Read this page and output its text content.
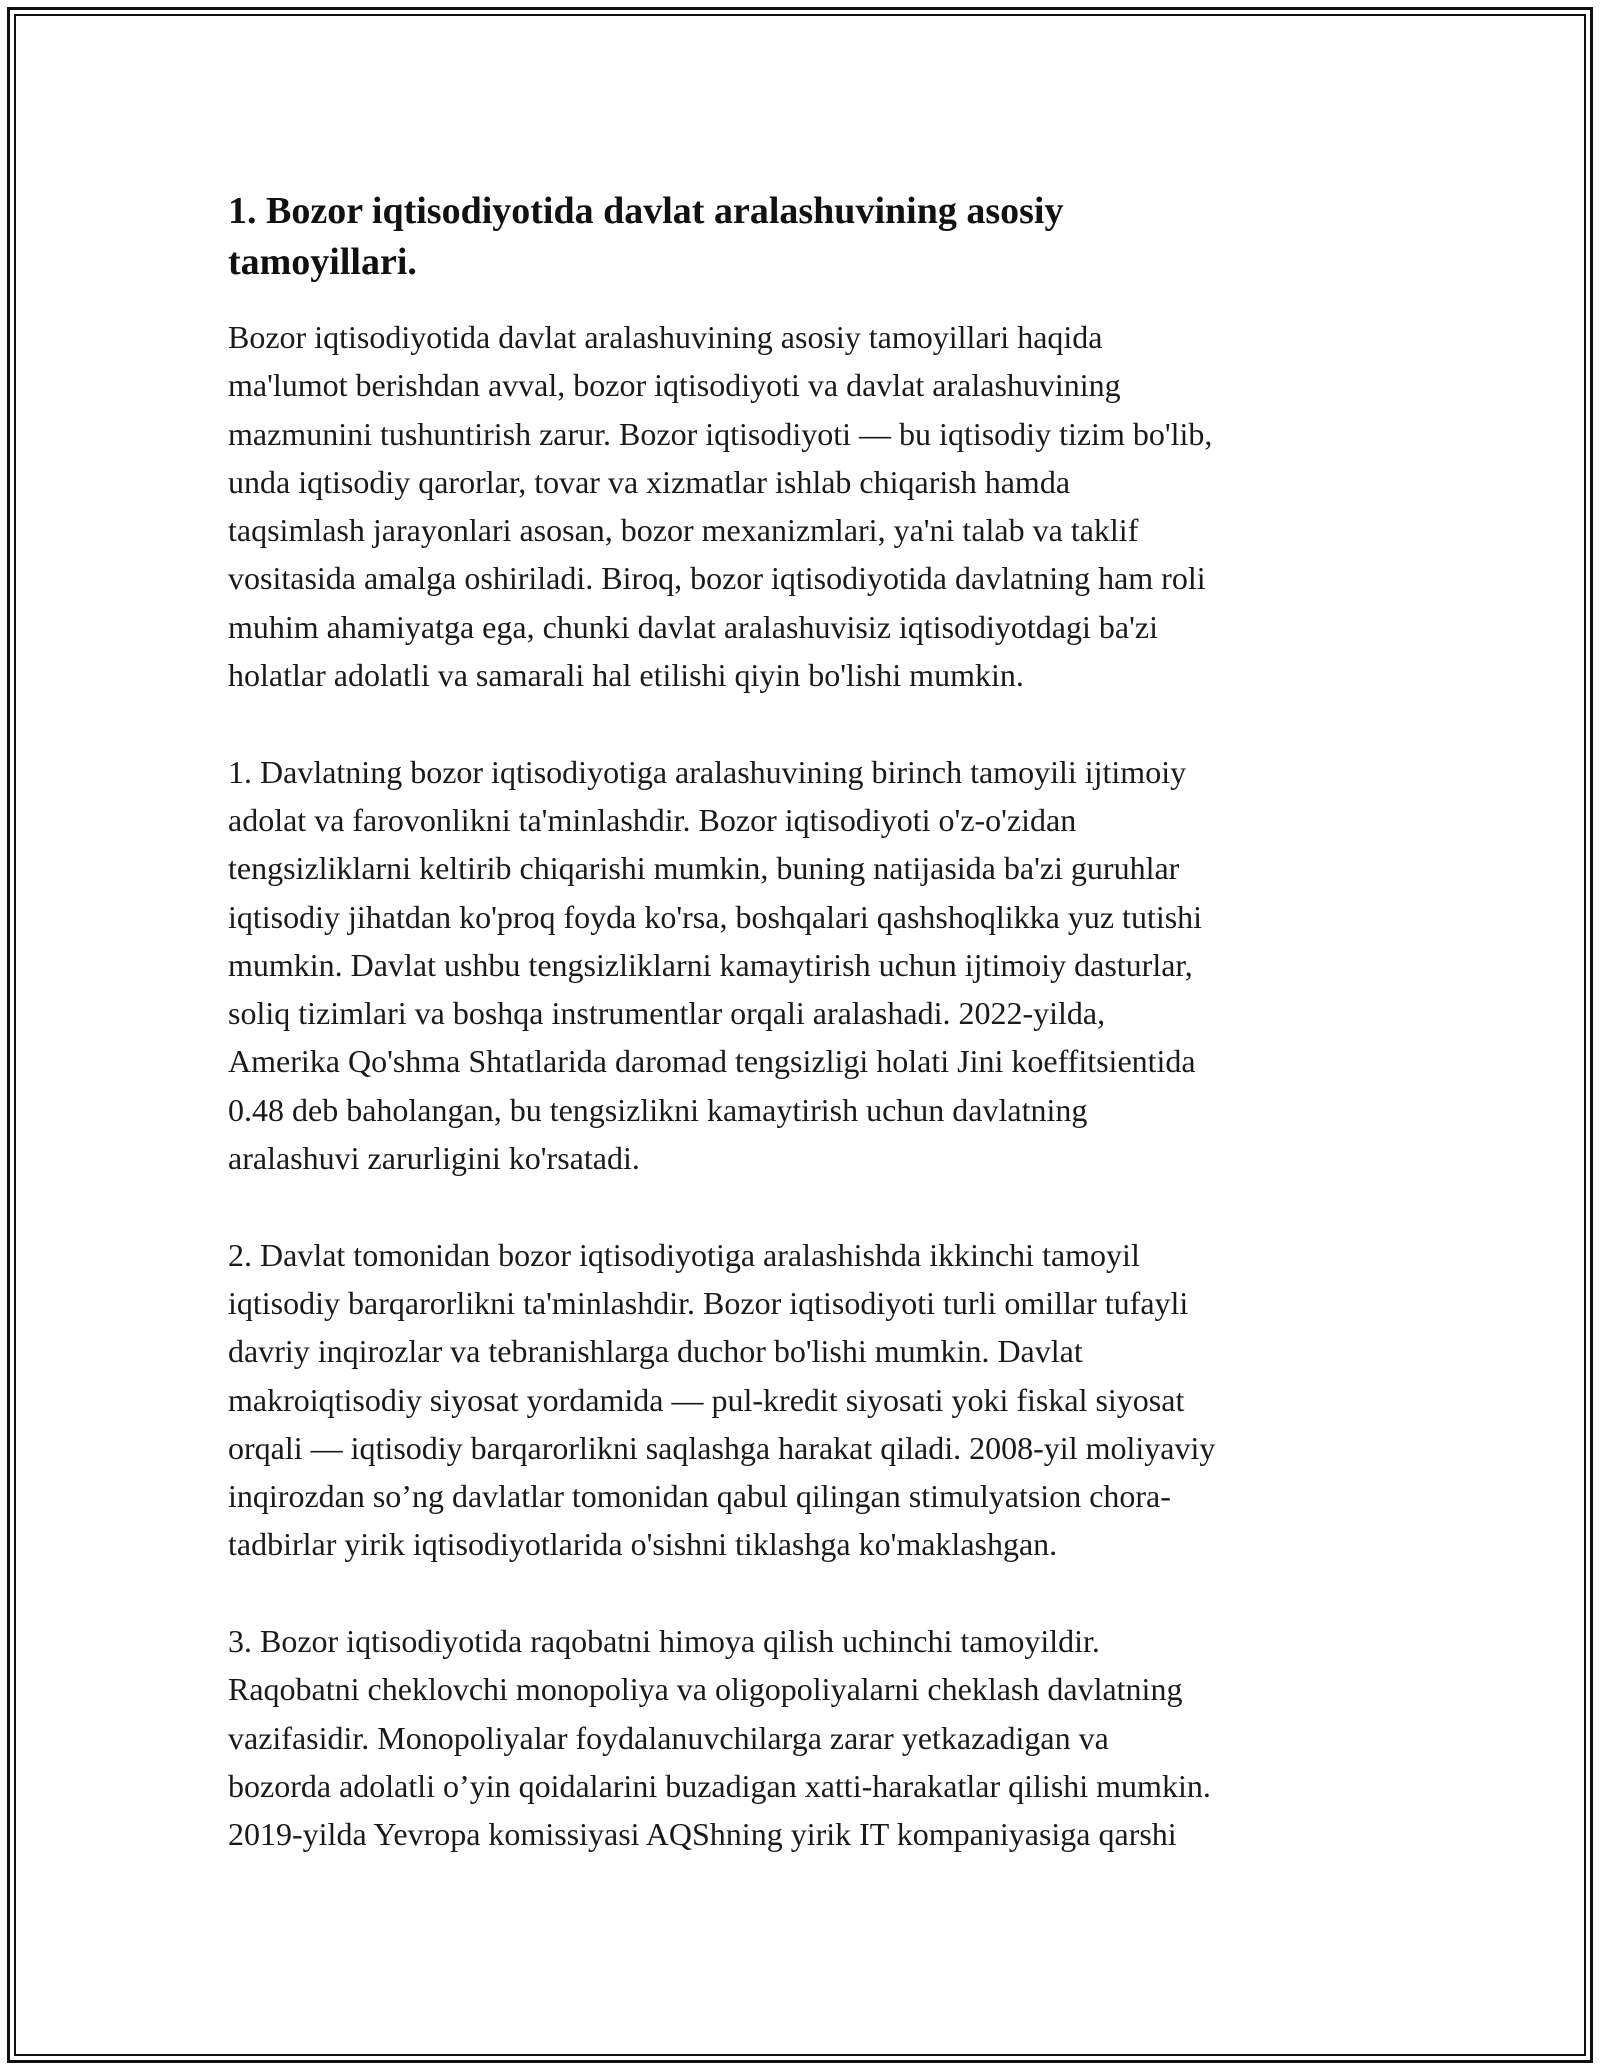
1. Bozor iqtisodiyotida davlat aralashuvining asosiy
tamoyillari.

Bozor iqtisodiyotida davlat aralashuvining asosiy tamoyillari haqida
ma'lumot berishdan avval, bozor iqtisodiyoti va davlat aralashuvining
mazmunini tushuntirish zarur. Bozor iqtisodiyoti — bu iqtisodiy tizim bo'lib,
unda iqtisodiy qarorlar, tovar va xizmatlar ishlab chiqarish hamda
taqsimlash jarayonlari asosan, bozor mexanizmlari, ya'ni talab va taklif
vositasida amalga oshiriladi. Biroq, bozor iqtisodiyotida davlatning ham roli
muhim ahamiyatga ega, chunki davlat aralashuvisiz iqtisodiyotdagi ba'zi
holatlar adolatli va samarali hal etilishi qiyin bo'lishi mumkin.

1. Davlatning bozor iqtisodiyotiga aralashuvining birinch tamoyili ijtimoiy
adolat va farovonlikni ta'minlashdir. Bozor iqtisodiyoti o'z-o'zidan
tengsizliklarni keltirib chiqarishi mumkin, buning natijasida ba'zi guruhlar
iqtisodiy jihatdan ko'proq foyda ko'rsa, boshqalari qashshoqlikka yuz tutishi
mumkin. Davlat ushbu tengsizliklarni kamaytirish uchun ijtimoiy dasturlar,
soliq tizimlari va boshqa instrumentlar orqali aralashadi. 2022-yilda,
Amerika Qo'shma Shtatlarida daromad tengsizligi holati Jini koeffitsientida
0.48 deb baholangan, bu tengsizlikni kamaytirish uchun davlatning
aralashuvi zarurligini ko'rsatadi.

2. Davlat tomonidan bozor iqtisodiyotiga aralashishda ikkinchi tamoyil
iqtisodiy barqarorlikni ta'minlashdir. Bozor iqtisodiyoti turli omillar tufayli
davriy inqirozlar va tebranishlarga duchor bo'lishi mumkin. Davlat
makroiqtisodiy siyosat yordamida — pul-kredit siyosati yoki fiskal siyosat
orqali — iqtisodiy barqarorlikni saqlashga harakat qiladi. 2008-yil moliyaviy
inqirozdan so’ng davlatlar tomonidan qabul qilingan stimulyatsion chora-
tadbirlar yirik iqtisodiyotlarida o'sishni tiklashga ko'maklashgan.

3. Bozor iqtisodiyotida raqobatni himoya qilish uchinchi tamoyildir.
Raqobatni cheklovchi monopoliya va oligopoliyalarni cheklash davlatning
vazifasidir. Monopoliyalar foydalanuvchilarga zarar yetkazadigan va
bozorda adolatli o’yin qoidalarini buzadigan xatti-harakatlar qilishi mumkin.
2019-yilda Yevropa komissiyasi AQShning yirik IT kompaniyasiga qarshi
